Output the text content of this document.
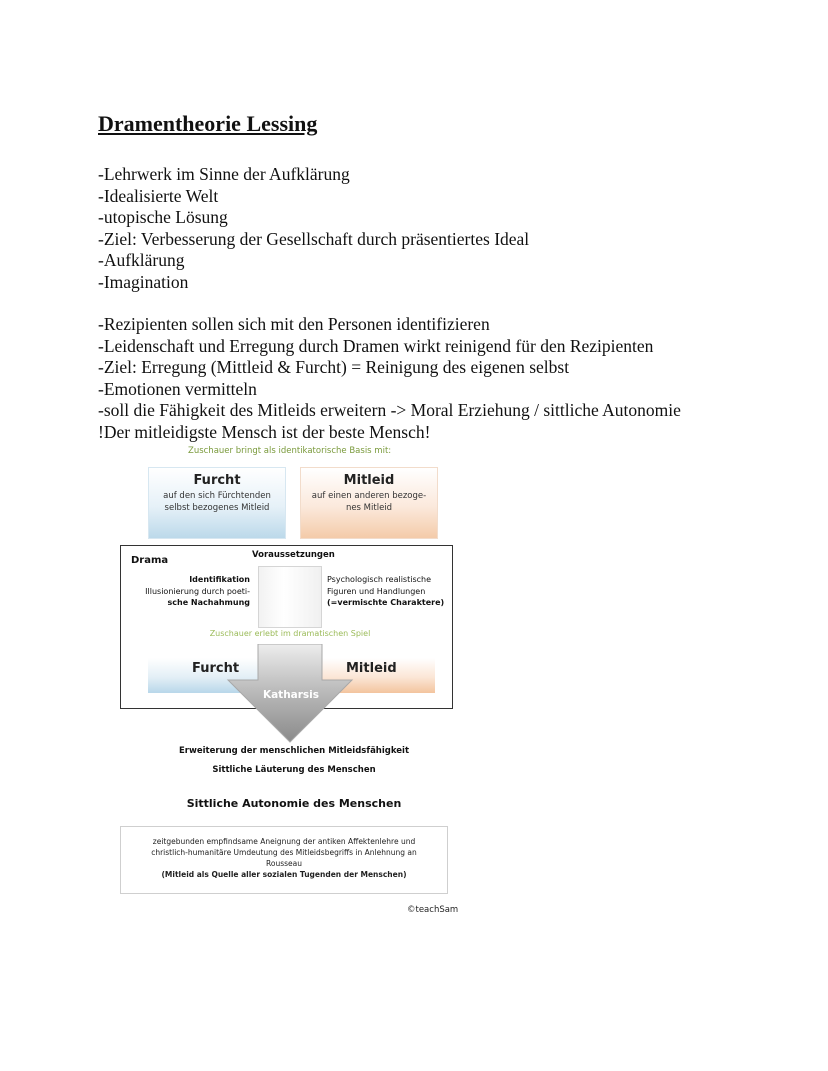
Dramentheorie Lessing
-Lehrwerk im Sinne der Aufklärung
-Idealisierte Welt
-utopische Lösung
-Ziel: Verbesserung der Gesellschaft durch präsentiertes Ideal
-Aufklärung
-Imagination
-Rezipienten sollen sich mit den Personen identifizieren
-Leidenschaft und Erregung durch Dramen wirkt reinigend für den Rezipienten
-Ziel: Erregung (Mittleid & Furcht) = Reinigung des eigenen selbst
-Emotionen vermitteln
-soll die Fähigkeit des Mitleids erweitern -> Moral Erziehung / sittliche Autonomie
!Der mitleidigste Mensch ist der beste Mensch!
Zuschauer bringt als identikatorische Basis mit:
Furcht
auf den sich Fürchtenden
selbst bezogenes Mitleid
Mitleid
auf einen anderen bezoge-
nes Mitleid
Drama	Voraussetzungen
Identifikation
Illusionierung durch poeti-
sche Nachahmung
Psychologisch realistische
Figuren und Handlungen
(=vermischte Charaktere)
Zuschauer erlebt im dramatischen Spiel
Furcht	Mitleid
Katharsis
Erweiterung der menschlichen Mitleidsfähigkeit
Sittliche Läuterung des Menschen
Sittliche Autonomie des Menschen
zeitgebunden empfindsame Aneignung der antiken Affektenlehre und
christlich-humanitäre Umdeutung des Mitleidsbegriffs in Anlehnung an
Rousseau
(Mitleid als Quelle aller sozialen Tugenden der Menschen)
©teachSam
